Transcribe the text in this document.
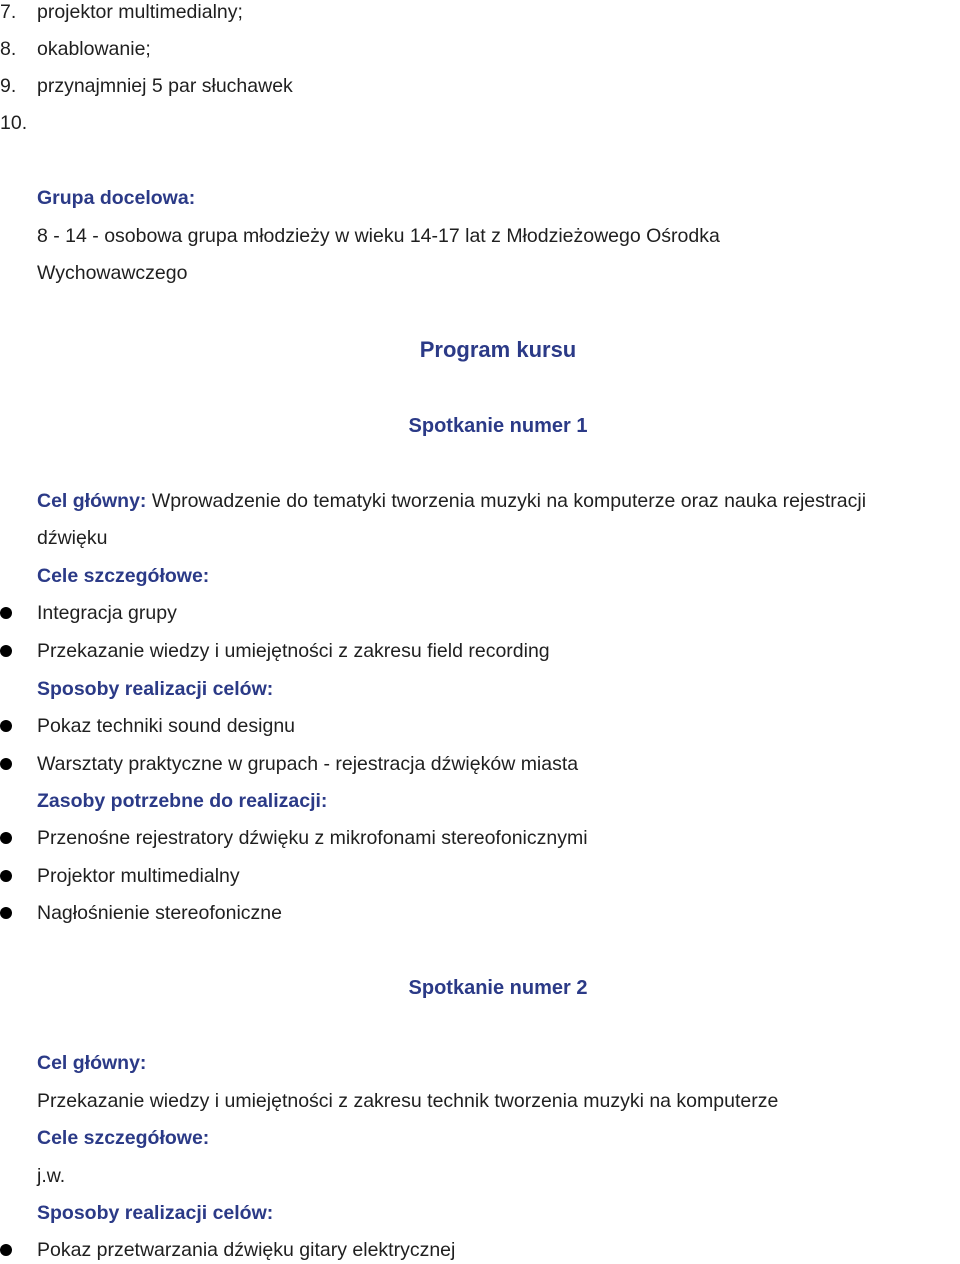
7. projektor multimedialny;
8. okablowanie;
9. przynajmniej 5 par słuchawek
10.
Grupa docelowa:
8 - 14 - osobowa grupa młodzieży w wieku 14-17 lat z Młodzieżowego Ośrodka
Wychowawczego
Program kursu
Spotkanie numer 1
Cel główny: Wprowadzenie do tematyki tworzenia muzyki na komputerze oraz nauka rejestracji
dźwięku
Cele szczegółowe:
Integracja grupy
Przekazanie wiedzy i umiejętności z zakresu field recording
Sposoby realizacji celów:
Pokaz techniki sound designu
Warsztaty praktyczne w grupach - rejestracja dźwięków miasta
Zasoby potrzebne do realizacji:
Przenośne rejestratory dźwięku z mikrofonami stereofonicznymi
Projektor multimedialny
Nagłośnienie stereofoniczne
Spotkanie numer 2
Cel główny:
Przekazanie wiedzy i umiejętności z zakresu technik tworzenia muzyki na komputerze
Cele szczegółowe:
j.w.
Sposoby realizacji celów:
Pokaz przetwarzania dźwięku gitary elektrycznej
